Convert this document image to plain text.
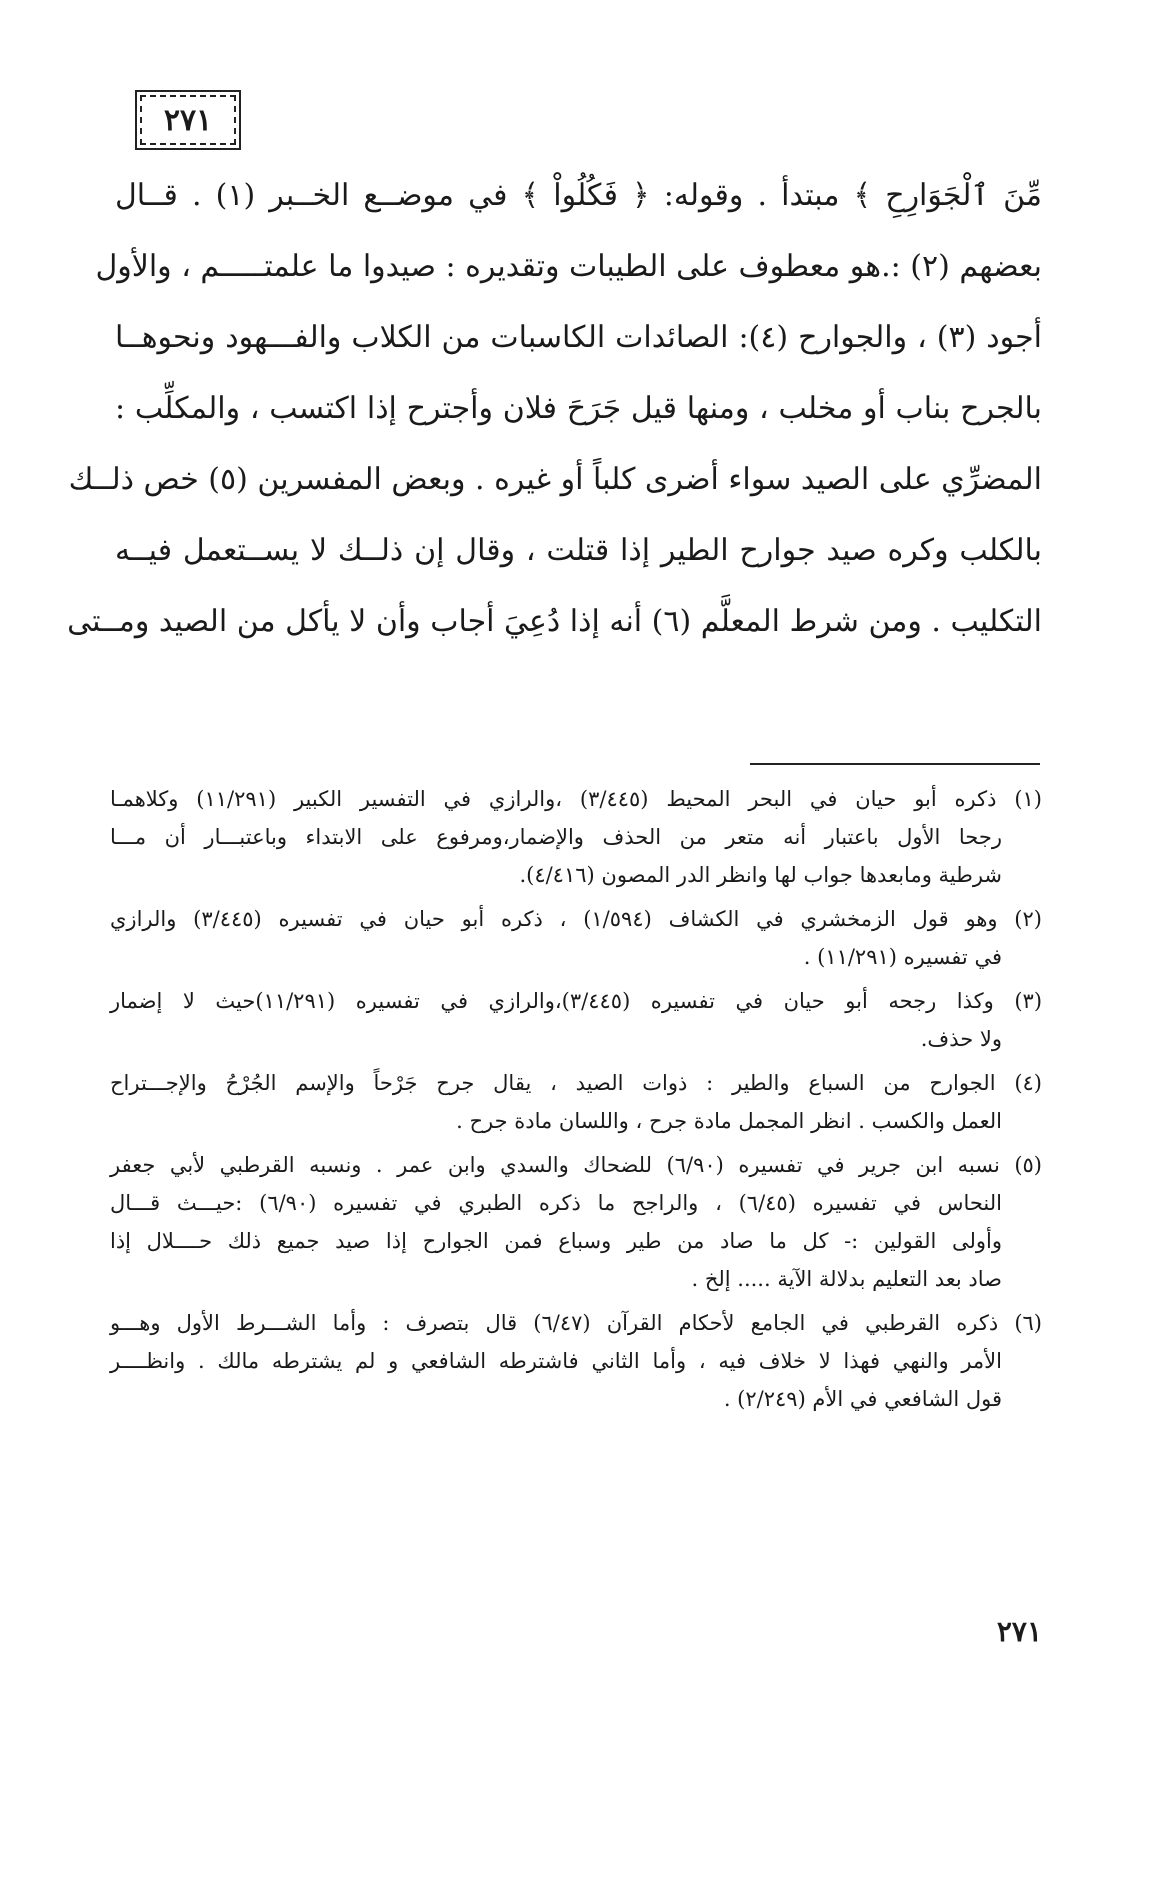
٢٧١
مِّنَ ٱلْجَوَارِحِ ﴾ مبتدأ . وقوله: ﴿ فَكُلُواْ ﴾ في موضــع الخــبر (١) . قــال
بعضهم (٢) :.هو معطوف على الطيبات وتقديره : صيدوا ما علمتـــــم ، والأول
أجود (٣) ، والجوارح (٤): الصائدات الكاسبات من الكلاب والفـــهود ونحوهــا
بالجرح بناب أو مخلب ، ومنها قيل جَرَحَ فلان وأجترح إذا اكتسب ، والمكلِّب :
المضرِّي على الصيد سواء أضرى كلباً أو غيره . وبعض المفسرين (٥) خص ذلــك
بالكلب وكره صيد جوارح الطير إذا قتلت ، وقال إن ذلــك لا يســتعمل فيــه
التكليب . ومن شرط المعلَّم (٦) أنه إذا دُعِيَ أجاب وأن لا يأكل من الصيد ومــتى
(١) ذكره أبو حيان في البحر المحيط (٣/٤٤٥) ،والرازي في التفسير الكبير (١١/٢٩١) وكلاهمـا
رجحا الأول باعتبار أنه متعر من الحذف والإضمار،ومرفوع على الابتداء وباعتبـــار أن مـــا
شرطية ومابعدها جواب لها وانظر الدر المصون (٤/٤١٦).
(٢) وهو قول الزمخشري في الكشاف (١/٥٩٤) ، ذكره أبو حيان في تفسيره (٣/٤٤٥) والرازي
في تفسيره (١١/٢٩١) .
(٣) وكذا رجحه أبو حيان في تفسيره (٣/٤٤٥)،والرازي في تفسيره (١١/٢٩١)حيث لا إضمار
ولا حذف.
(٤) الجوارح من السباع والطير : ذوات الصيد ، يقال جرح جَرْحاً والإسم الجُرْحُ والإجـــتراح
العمل والكسب . انظر المجمل مادة جرح ، واللسان مادة جرح .
(٥) نسبه ابن جرير في تفسيره (٦/٩٠) للضحاك والسدي وابن عمر . ونسبه القرطبي لأبي جعفر
النحاس في تفسيره (٦/٤٥) ، والراجح ما ذكره الطبري في تفسيره (٦/٩٠) :حيـــث قـــال
وأولى القولين :- كل ما صاد من طير وسباع فمن الجوارح إذا صيد جميع ذلك حــــلال إذا
صاد بعد التعليم بدلالة الآية ..... إلخ .
(٦) ذكره القرطبي في الجامع لأحكام القرآن (٦/٤٧) قال بتصرف : وأما الشـــرط الأول وهـــو
الأمر والنهي فهذا لا خلاف فيه ، وأما الثاني فاشترطه الشافعي و لم يشترطه مالك . وانظــــر
قول الشافعي في الأم (٢/٢٤٩) .
٢٧١
